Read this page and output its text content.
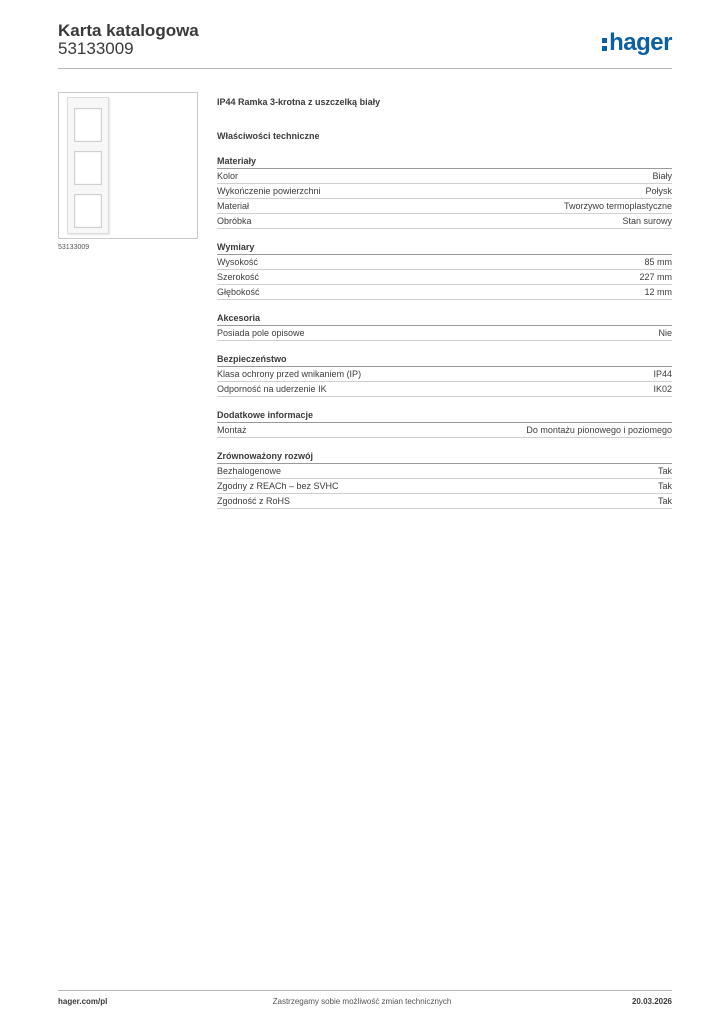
Karta katalogowa
53133009	hager
53133009
IP44 Ramka 3-krotna z uszczelką biały
Właściwości techniczne
Materiały
Kolor	Biały
Wykończenie powierzchni	Połysk
Materiał	Tworzywo termoplastyczne
Obróbka	Stan surowy
Wymiary
Wysokość	85 mm
Szerokość	227 mm
Głębokość	12 mm
Akcesoria
Posiada pole opisowe	Nie
Bezpieczeństwo
Klasa ochrony przed wnikaniem (IP)	IP44
Odporność na uderzenie IK	IK02
Dodatkowe informacje
Montaż	Do montażu pionowego i poziomego
Zrównoważony rozwój
Bezhalogenowe	Tak
Zgodny z REACh – bez SVHC	Tak
Zgodność z RoHS	Tak
hager.com/pl	Zastrzegamy sobie możliwość zmian technicznych	20.03.2026
